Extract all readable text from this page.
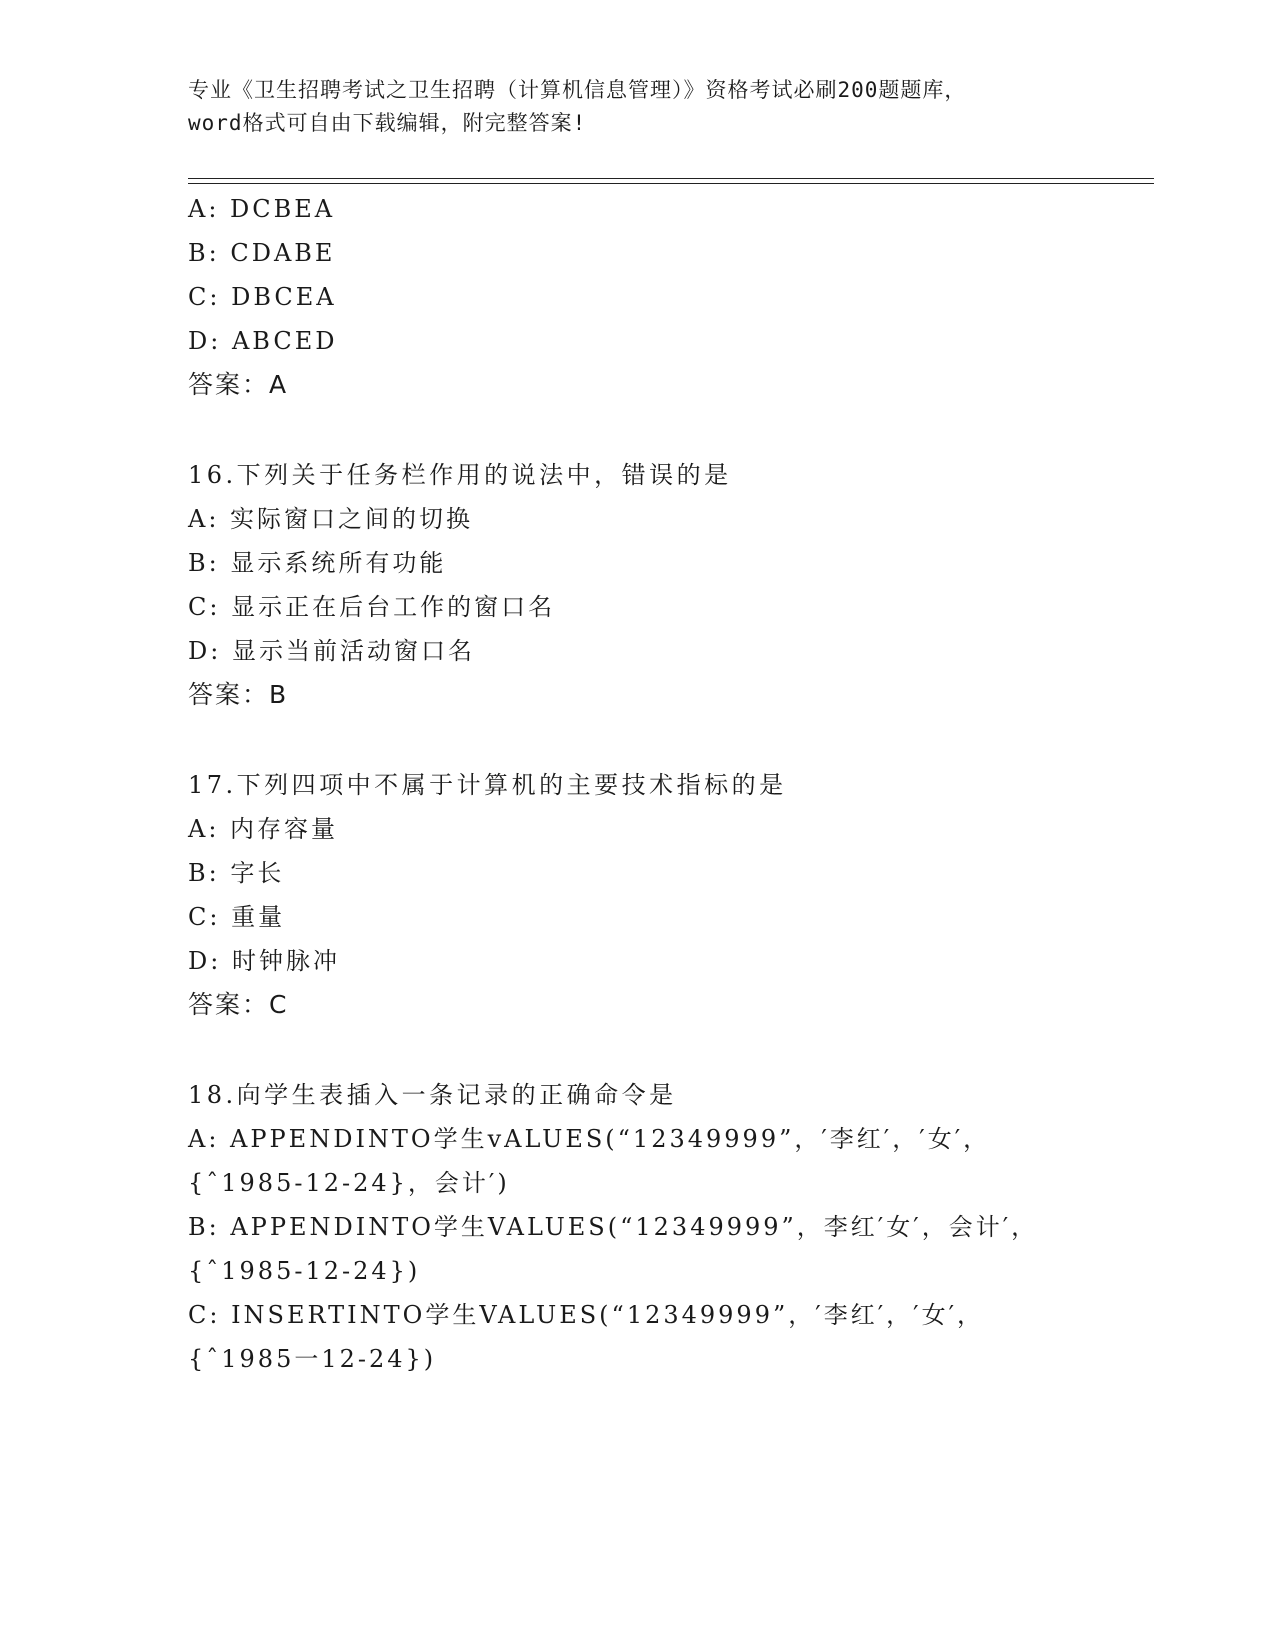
专业《卫生招聘考试之卫生招聘（计算机信息管理）》资格考试必刷200题题库，
word格式可自由下载编辑，附完整答案!
A: DCBEA
B: CDABE
C: DBCEA
D: ABCED
答案：A
16.下列关于任务栏作用的说法中，错误的是
A: 实际窗口之间的切换
B: 显示系统所有功能
C: 显示正在后台工作的窗口名
D: 显示当前活动窗口名
答案：B
17.下列四项中不属于计算机的主要技术指标的是
A: 内存容量
B: 字长
C: 重量
D: 时钟脉冲
答案：C
18.向学生表插入一条记录的正确命令是
A: APPENDINTO学生vALUES(“12349999”，′李红′，′女′，
{ˆ1985-12-24}，会计′)
B: APPENDINTO学生VALUES(“12349999”，李红′女′，会计′，
{ˆ1985-12-24})
C: INSERTINTO学生VALUES(“12349999”，′李红′，′女′，
{ˆ1985一12-24})
